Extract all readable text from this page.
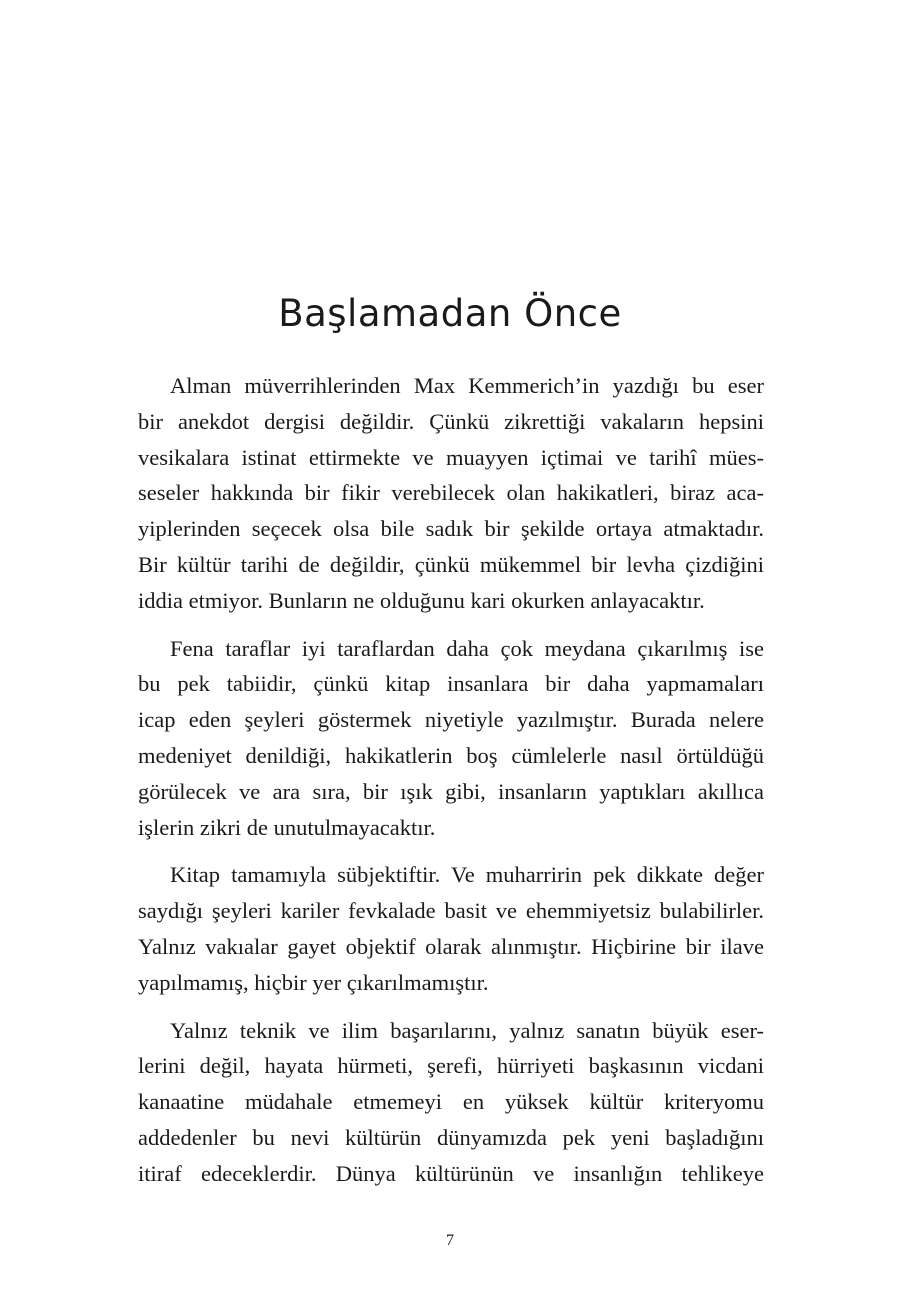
Başlamadan Önce

Alman müverrihlerinden Max Kemmerich’in yazdığı bu eser
bir anekdot dergisi değildir. Çünkü zikrettiği vakaların hepsini
vesikalara istinat ettirmekte ve muayyen içtimai ve tarihî mües-
seseler hakkında bir fikir verebilecek olan hakikatleri, biraz aca-
yiplerinden seçecek olsa bile sadık bir şekilde ortaya atmaktadır.
Bir kültür tarihi de değildir, çünkü mükemmel bir levha çizdiğini
iddia etmiyor. Bunların ne olduğunu kari okurken anlayacaktır.

Fena taraflar iyi taraflardan daha çok meydana çıkarılmış ise
bu pek tabiidir, çünkü kitap insanlara bir daha yapmamaları
icap eden şeyleri göstermek niyetiyle yazılmıştır. Burada nelere
medeniyet denildiği, hakikatlerin boş cümlelerle nasıl örtüldüğü
görülecek ve ara sıra, bir ışık gibi, insanların yaptıkları akıllıca
işlerin zikri de unutulmayacaktır.

Kitap tamamıyla sübjektiftir. Ve muharririn pek dikkate değer
saydığı şeyleri kariler fevkalade basit ve ehemmiyetsiz bulabilirler.
Yalnız vakıalar gayet objektif olarak alınmıştır. Hiçbirine bir ilave
yapılmamış, hiçbir yer çıkarılmamıştır.

Yalnız teknik ve ilim başarılarını, yalnız sanatın büyük eser-
lerini değil, hayata hürmeti, şerefi, hürriyeti başkasının vicdani
kanaatine müdahale etmemeyi en yüksek kültür kriteryomu
addedenler bu nevi kültürün dünyamızda pek yeni başladığını
itiraf edeceklerdir. Dünya kültürünün ve insanlığın tehlikeye

7
